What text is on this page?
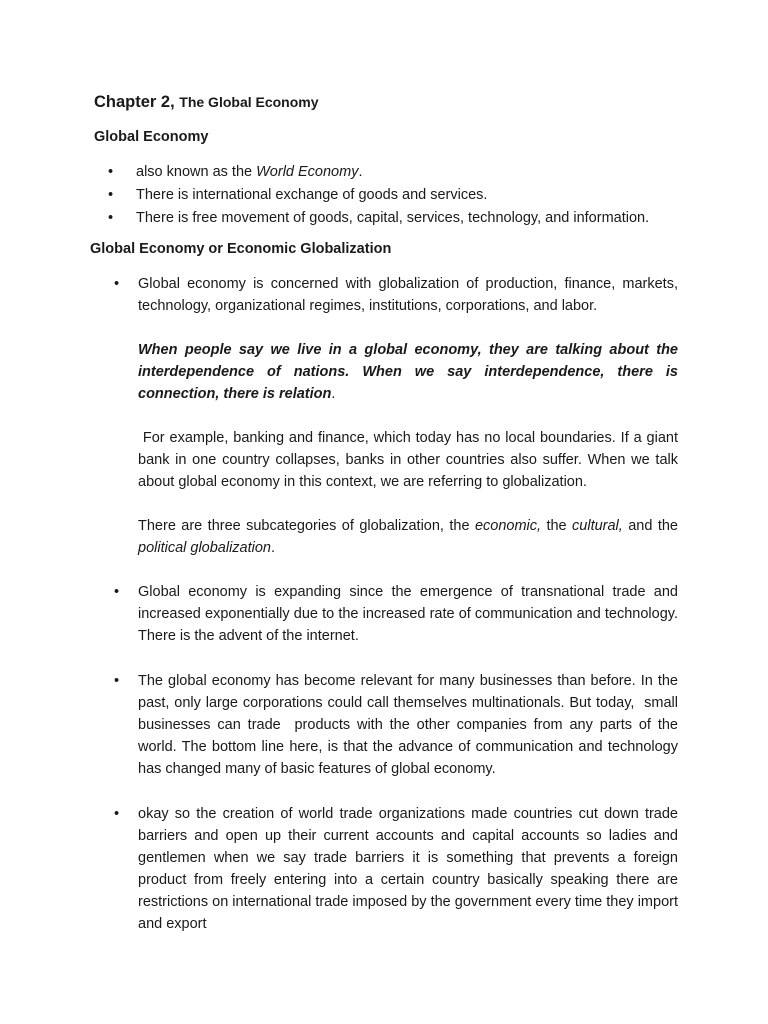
Chapter 2, The Global Economy
Global Economy
• also known as the World Economy.
• There is international exchange of goods and services.
• There is free movement of goods, capital, services, technology, and information.
Global Economy or Economic Globalization
• Global economy is concerned with globalization of production, finance, markets, technology, organizational regimes, institutions, corporations, and labor.
When people say we live in a global economy, they are talking about the interdependence of nations. When we say interdependence, there is connection, there is relation.
For example, banking and finance, which today has no local boundaries. If a giant bank in one country collapses, banks in other countries also suffer. When we talk about global economy in this context, we are referring to globalization.
There are three subcategories of globalization, the economic, the cultural, and the political globalization.
• Global economy is expanding since the emergence of transnational trade and increased exponentially due to the increased rate of communication and technology. There is the advent of the internet.
• The global economy has become relevant for many businesses than before. In the past, only large corporations could call themselves multinationals. But today,  small businesses can trade  products with the other companies from any parts of the world. The bottom line here, is that the advance of communication and technology has changed many of basic features of global economy.
• okay so the creation of world trade organizations made countries cut down trade barriers and open up their current accounts and capital accounts so ladies and gentlemen when we say trade barriers it is something that prevents a foreign product from freely entering into a certain country basically speaking there are restrictions on international trade imposed by the government every time they import and export
